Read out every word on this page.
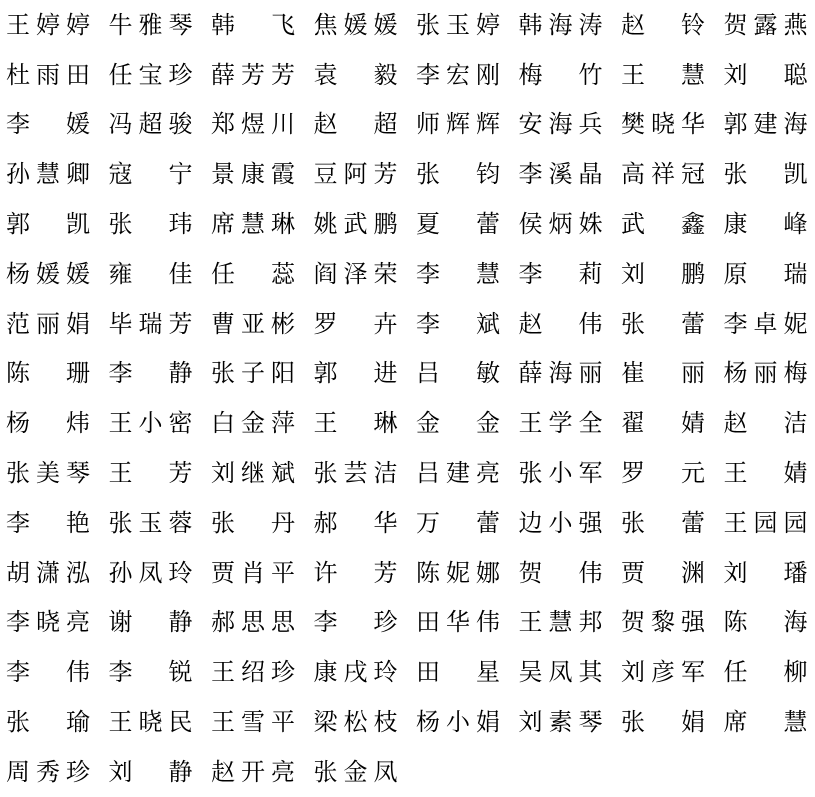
王婷婷 牛雅琴 韩　飞 焦媛媛 张玉婷 韩海涛 赵　铃 贺露燕
杜雨田 任宝珍 薛芳芳 袁　毅 李宏刚 梅　竹 王　慧 刘　聪
李　媛 冯超骏 郑煜川 赵　超 师辉辉 安海兵 樊晓华 郭建海
孙慧卿 寇　宁 景康霞 豆阿芳 张　钧 李溪晶 高祥冠 张　凯
郭　凯 张　玮 席慧琳 姚武鹏 夏　蕾 侯炳姝 武　鑫 康　峰
杨媛媛 雍　佳 任　蕊 阎泽荣 李　慧 李　莉 刘　鹏 原　瑞
范丽娟 毕瑞芳 曹亚彬 罗　卉 李　斌 赵　伟 张　蕾 李卓妮
陈　珊 李　静 张子阳 郭　进 吕　敏 薛海丽 崔　丽 杨丽梅
杨　炜 王小密 白金萍 王　琳 金　金 王学全 翟　婧 赵　洁
张美琴 王　芳 刘继斌 张芸洁 吕建亮 张小军 罗　元 王　婧
李　艳 张玉蓉 张　丹 郝　华 万　蕾 边小强 张　蕾 王园园
胡潇泓 孙凤玲 贾肖平 许　芳 陈妮娜 贺　伟 贾　渊 刘　璠
李晓亮 谢　静 郝思思 李　珍 田华伟 王慧邦 贺黎强 陈　海
李　伟 李　锐 王绍珍 康戌玲 田　星 吴凤其 刘彦军 任　柳
张　瑜 王晓民 王雪平 梁松枝 杨小娟 刘素琴 张　娟 席　慧
周秀珍 刘　静 赵开亮 张金凤
